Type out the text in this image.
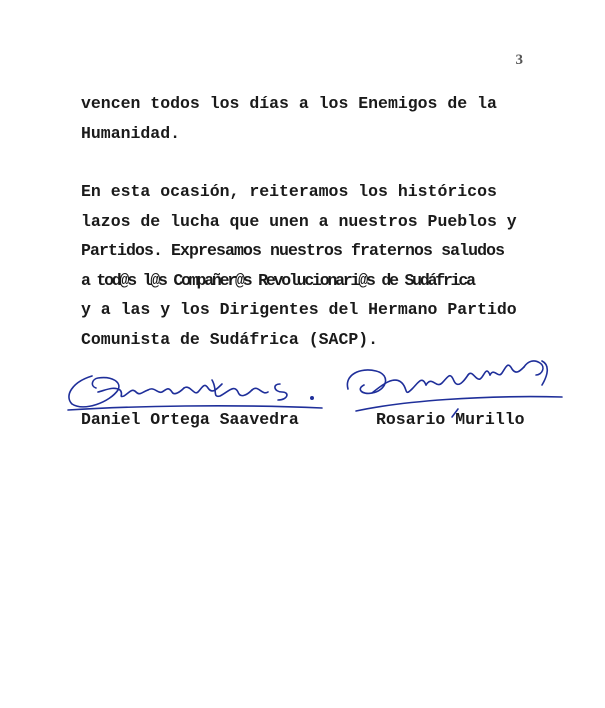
3
vencen todos los días a los Enemigos de la
Humanidad.
En esta ocasión, reiteramos los históricos
lazos de lucha que unen a nuestros Pueblos y
Partidos. Expresamos nuestros fraternos saludos
a tod@s l@s Compañer@s Revolucionari@s de Sudáfrica
y a las y los Dirigentes del Hermano Partido
Comunista de Sudáfrica (SACP).
Daniel Ortega Saavedra	Rosario Murillo
